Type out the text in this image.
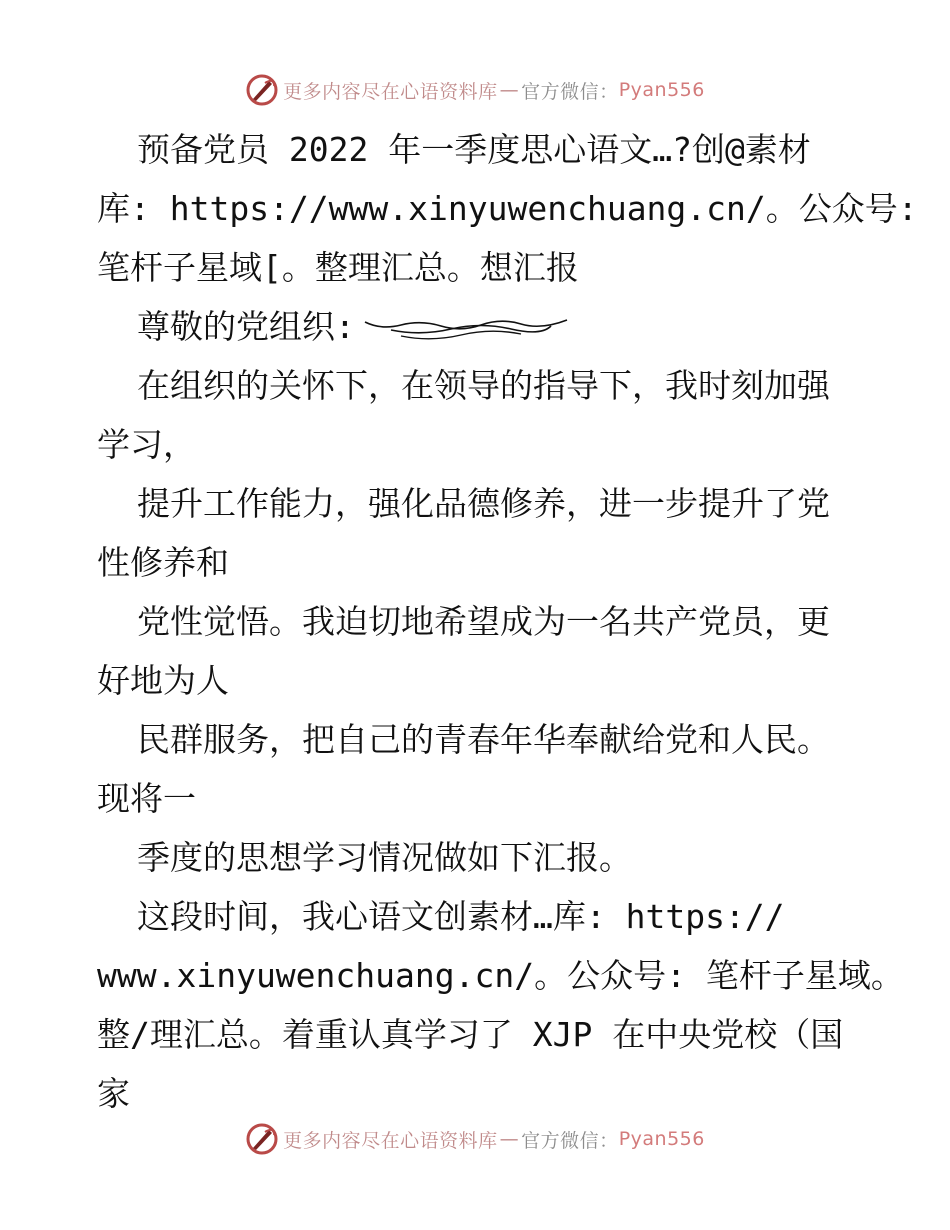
更多内容尽在心语资料库 — 官方微信： Pyan556
预备党员 2022 年一季度思心语文…?创@素材
库: https://www.xinyuwenchuang.cn/。公众号:
笔杆子星域[。整理汇总。想汇报
尊敬的党组织:
在组织的关怀下，在领导的指导下，我时刻加强
学习，
提升工作能力，强化品德修养，进一步提升了党
性修养和
党性觉悟。我迫切地希望成为一名共产党员，更
好地为人
民群服务，把自己的青春年华奉献给党和人民。
现将一
季度的思想学习情况做如下汇报。
这段时间，我心语文创素材…库: https://
www.xinyuwenchuang.cn/。公众号: 笔杆子星域。
整/理汇总。着重认真学习了 XJP 在中央党校（国
家
更多内容尽在心语资料库 — 官方微信： Pyan556
